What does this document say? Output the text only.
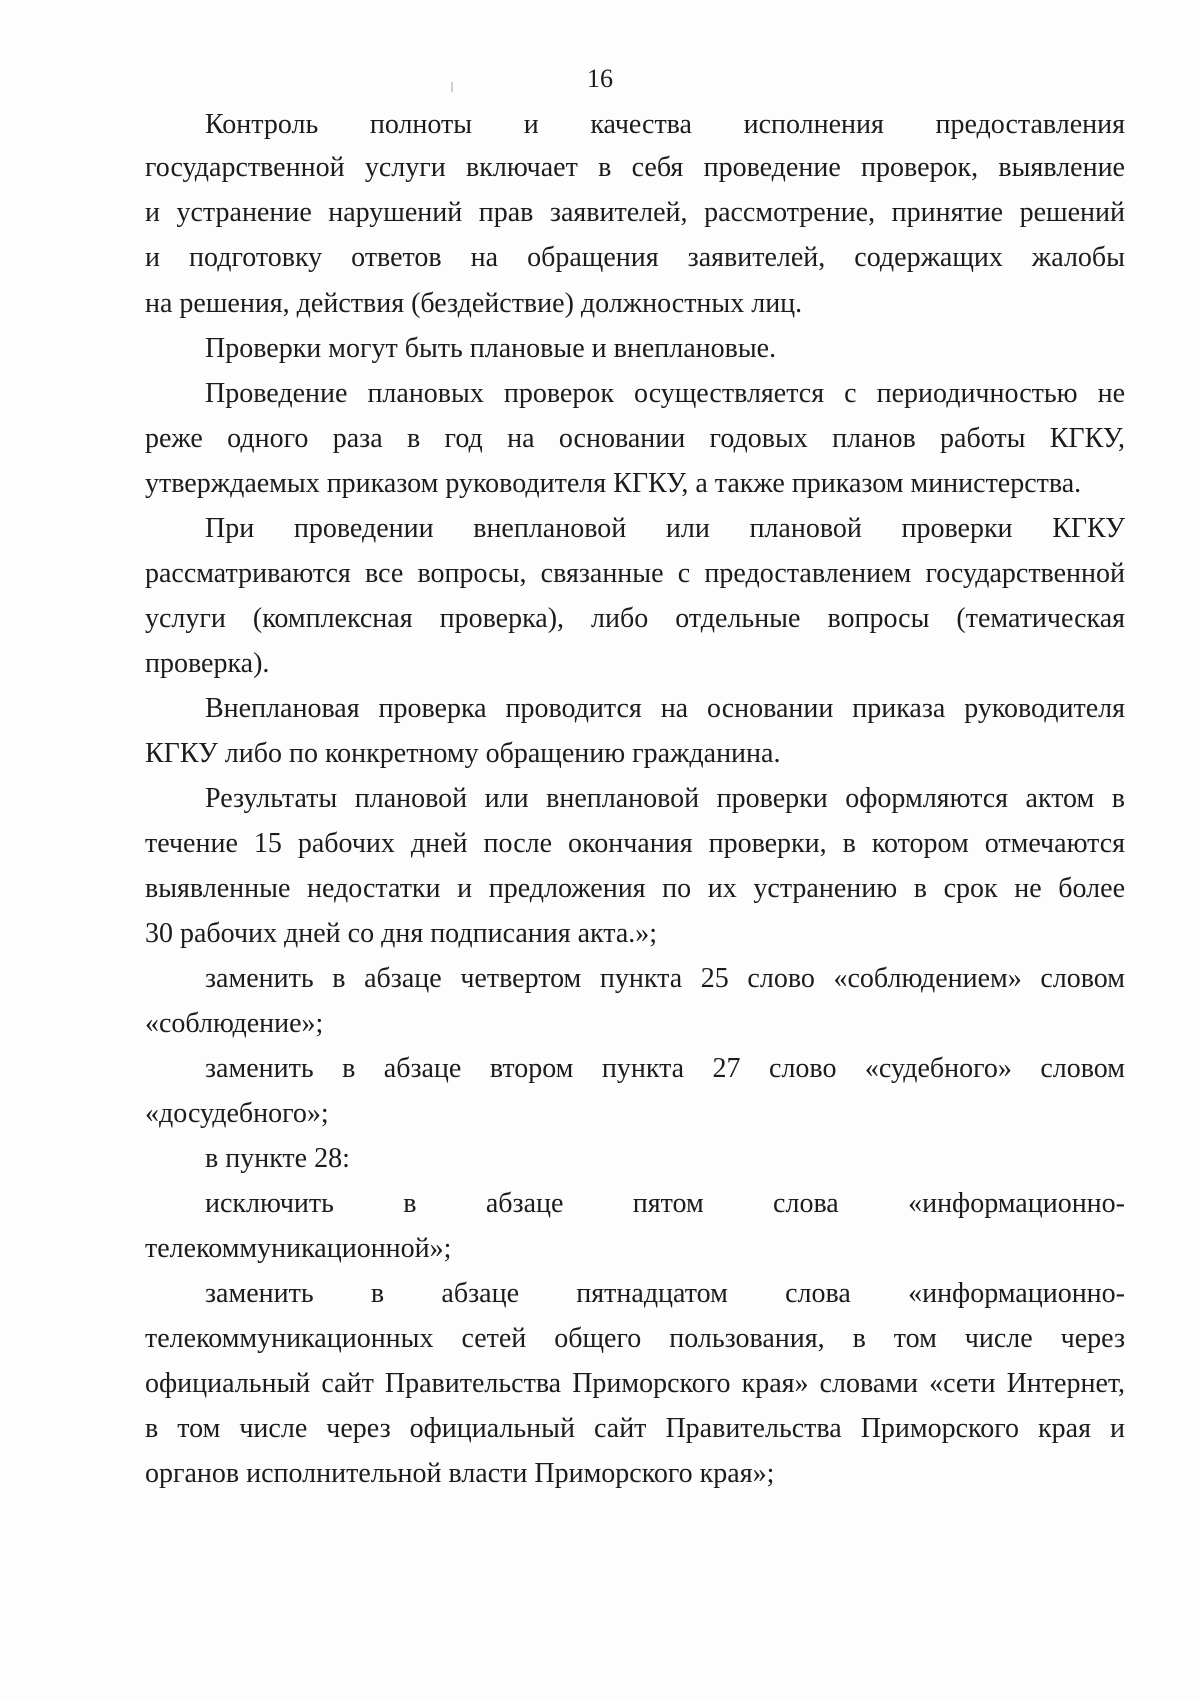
16
Контроль полноты и качества исполнения предоставления
государственной услуги включает в себя проведение проверок, выявление
и устранение нарушений прав заявителей, рассмотрение, принятие решений
и подготовку ответов на обращения заявителей, содержащих жалобы
на решения, действия (бездействие) должностных лиц.
Проверки могут быть плановые и внеплановые.
Проведение плановых проверок осуществляется с периодичностью не
реже одного раза в год на основании годовых планов работы КГКУ,
утверждаемых приказом руководителя КГКУ, а также приказом министерства.
При проведении внеплановой или плановой проверки КГКУ
рассматриваются все вопросы, связанные с предоставлением государственной
услуги (комплексная проверка), либо отдельные вопросы (тематическая
проверка).
Внеплановая проверка проводится на основании приказа руководителя
КГКУ либо по конкретному обращению гражданина.
Результаты плановой или внеплановой проверки оформляются актом в
течение 15 рабочих дней после окончания проверки, в котором отмечаются
выявленные недостатки и предложения по их устранению в срок не более
30 рабочих дней со дня подписания акта.»;
заменить в абзаце четвертом пункта 25 слово «соблюдением» словом
«соблюдение»;
заменить в абзаце втором пункта 27 слово «судебного» словом
«досудебного»;
в пункте 28:
исключить в абзаце пятом слова «информационно-
телекоммуникационной»;
заменить в абзаце пятнадцатом слова «информационно-
телекоммуникационных сетей общего пользования, в том числе через
официальный сайт Правительства Приморского края» словами «сети Интернет,
в том числе через официальный сайт Правительства Приморского края и
органов исполнительной власти Приморского края»;
